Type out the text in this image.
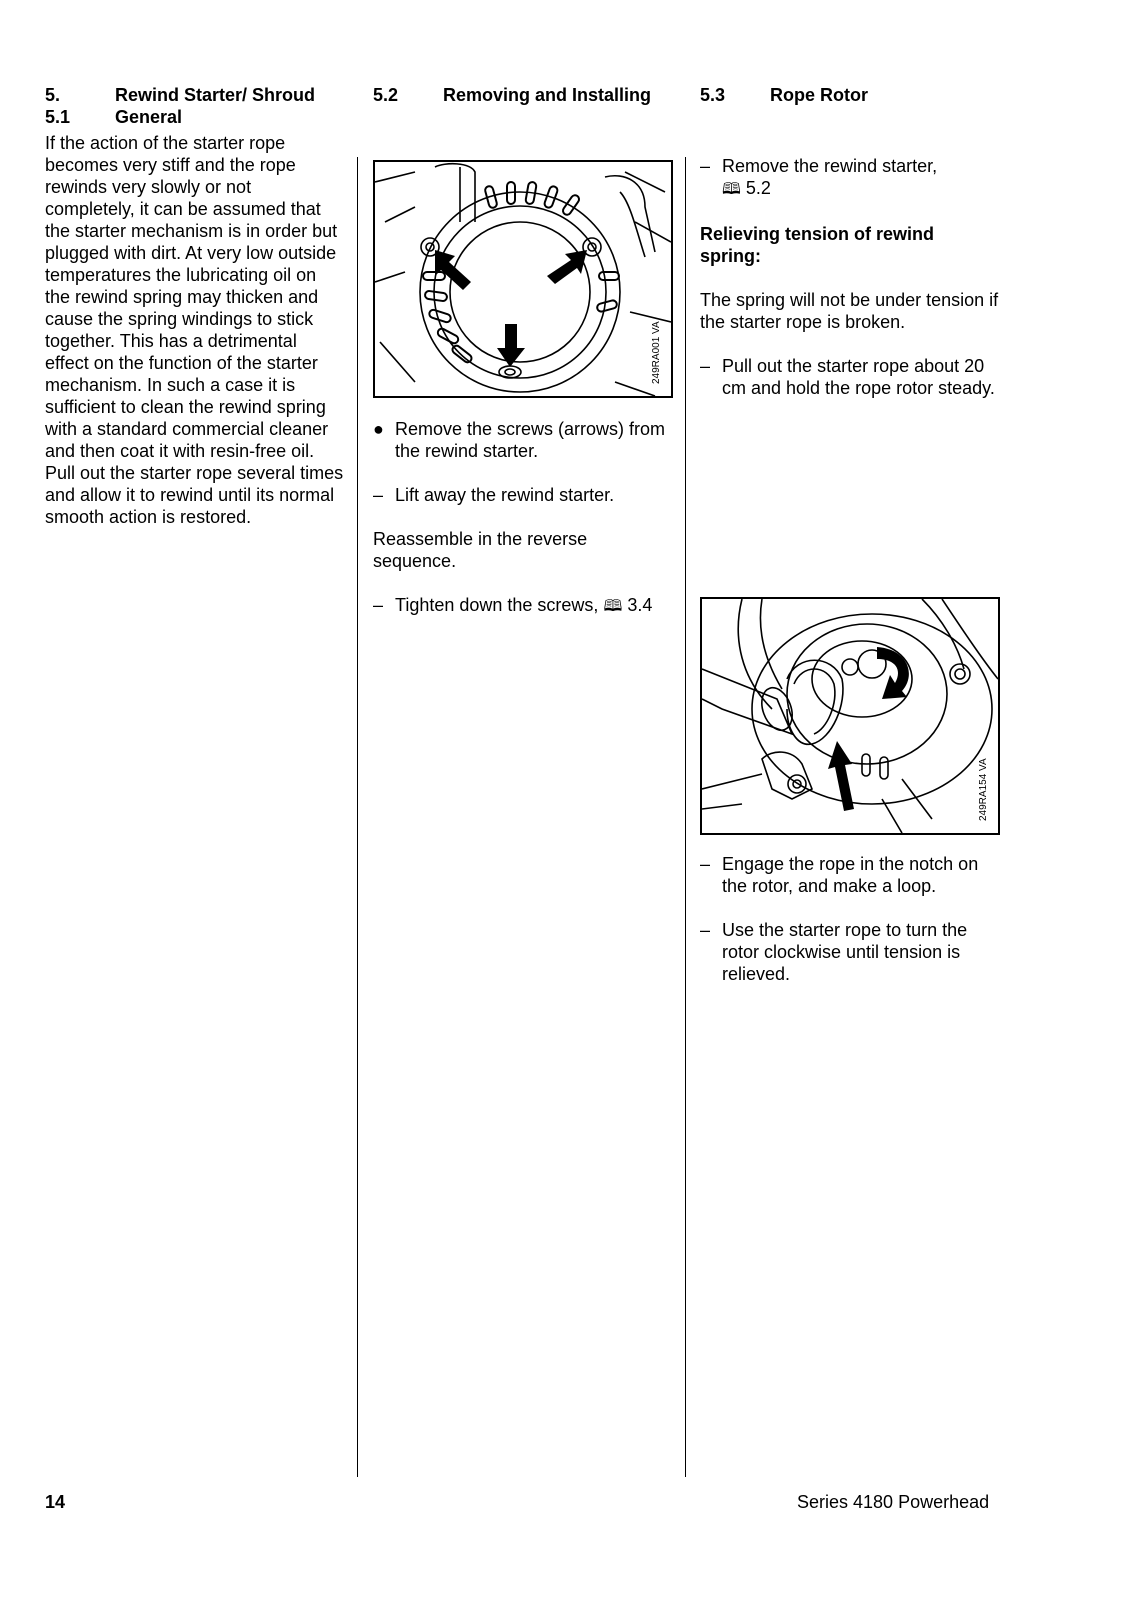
5.	Rewind Starter/ Shroud
5.1	General

If the action of the starter rope becomes very stiff and the rope rewinds very slowly or not completely, it can be assumed that the starter mechanism is in order but plugged with dirt. At very low outside temperatures the lubricating oil on the rewind spring may thicken and cause the spring windings to stick together. This has a detrimental effect on the function of the starter mechanism. In such a case it is sufficient to clean the rewind spring with a standard commercial cleaner and then coat it with resin-free oil.

Pull out the starter rope several times and allow it to rewind until its normal smooth action is restored.

5.2	Removing and Installing
249RA001 VA
● Remove the screws (arrows) from the rewind starter.
– Lift away the rewind starter.

Reassemble in the reverse sequence.

– Tighten down the screws, 🕮 3.4
5.3	Rope Rotor
– Remove the rewind starter,
🕮 5.2

Relieving tension of rewind spring:

The spring will not be under tension if the starter rope is broken.

– Pull out the starter rope about 20 cm and hold the rope rotor steady.
249RA154 VA
– Engage the rope in the notch on the rotor, and make a loop.
– Use the starter rope to turn the rotor clockwise until tension is relieved.
14	Series 4180 Powerhead
